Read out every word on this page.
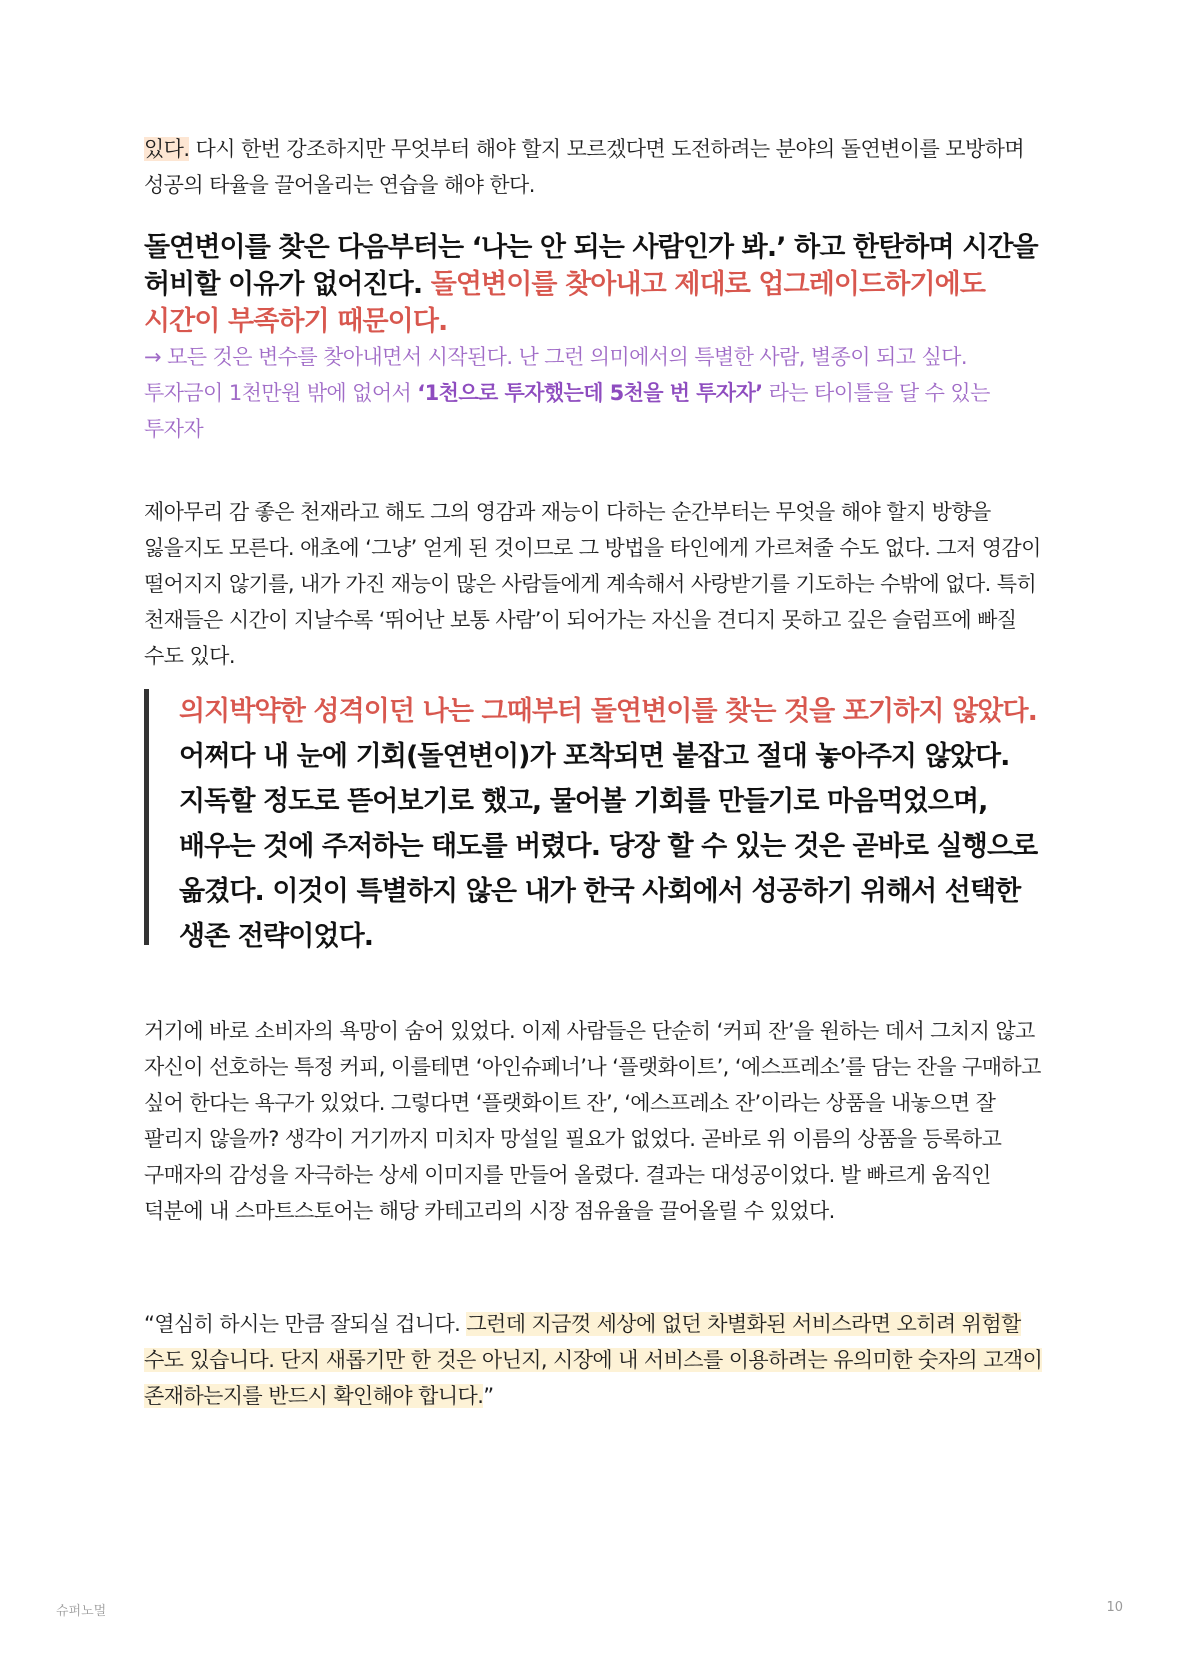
있다. 다시 한번 강조하지만 무엇부터 해야 할지 모르겠다면 도전하려는 분야의 돌연변이를 모방하며 성공의 타율을 끌어올리는 연습을 해야 한다.

돌연변이를 찾은 다음부터는 ‘나는 안 되는 사람인가 봐.’ 하고 한탄하며 시간을 허비할 이유가 없어진다. 돌연변이를 찾아내고 제대로 업그레이드하기에도 시간이 부족하기 때문이다.

→ 모든 것은 변수를 찾아내면서 시작된다. 난 그런 의미에서의 특별한 사람, 별종이 되고 싶다. 투자금이 1천만원 밖에 없어서 ‘1천으로 투자했는데 5천을 번 투자자’ 라는 타이틀을 달 수 있는 투자자

제아무리 감 좋은 천재라고 해도 그의 영감과 재능이 다하는 순간부터는 무엇을 해야 할지 방향을 잃을지도 모른다. 애초에 ‘그냥’ 얻게 된 것이므로 그 방법을 타인에게 가르쳐줄 수도 없다. 그저 영감이 떨어지지 않기를, 내가 가진 재능이 많은 사람들에게 계속해서 사랑받기를 기도하는 수밖에 없다. 특히 천재들은 시간이 지날수록 ‘뛰어난 보통 사람’이 되어가는 자신을 견디지 못하고 깊은 슬럼프에 빠질 수도 있다.

의지박약한 성격이던 나는 그때부터 돌연변이를 찾는 것을 포기하지 않았다. 어쩌다 내 눈에 기회(돌연변이)가 포착되면 붙잡고 절대 놓아주지 않았다. 지독할 정도로 뜯어보기로 했고, 물어볼 기회를 만들기로 마음먹었으며, 배우는 것에 주저하는 태도를 버렸다. 당장 할 수 있는 것은 곧바로 실행으로 옮겼다. 이것이 특별하지 않은 내가 한국 사회에서 성공하기 위해서 선택한 생존 전략이었다.

거기에 바로 소비자의 욕망이 숨어 있었다. 이제 사람들은 단순히 ‘커피 잔’을 원하는 데서 그치지 않고 자신이 선호하는 특정 커피, 이를테면 ‘아인슈페너’나 ‘플랫화이트’, ‘에스프레소’를 담는 잔을 구매하고 싶어 한다는 욕구가 있었다. 그렇다면 ‘플랫화이트 잔’, ‘에스프레소 잔’이라는 상품을 내놓으면 잘 팔리지 않을까? 생각이 거기까지 미치자 망설일 필요가 없었다. 곧바로 위 이름의 상품을 등록하고 구매자의 감성을 자극하는 상세 이미지를 만들어 올렸다. 결과는 대성공이었다. 발 빠르게 움직인 덕분에 내 스마트스토어는 해당 카테고리의 시장 점유율을 끌어올릴 수 있었다.

“열심히 하시는 만큼 잘되실 겁니다. 그런데 지금껏 세상에 없던 차별화된 서비스라면 오히려 위험할 수도 있습니다. 단지 새롭기만 한 것은 아닌지, 시장에 내 서비스를 이용하려는 유의미한 숫자의 고객이 존재하는지를 반드시 확인해야 합니다.”

슈퍼노멀	10
